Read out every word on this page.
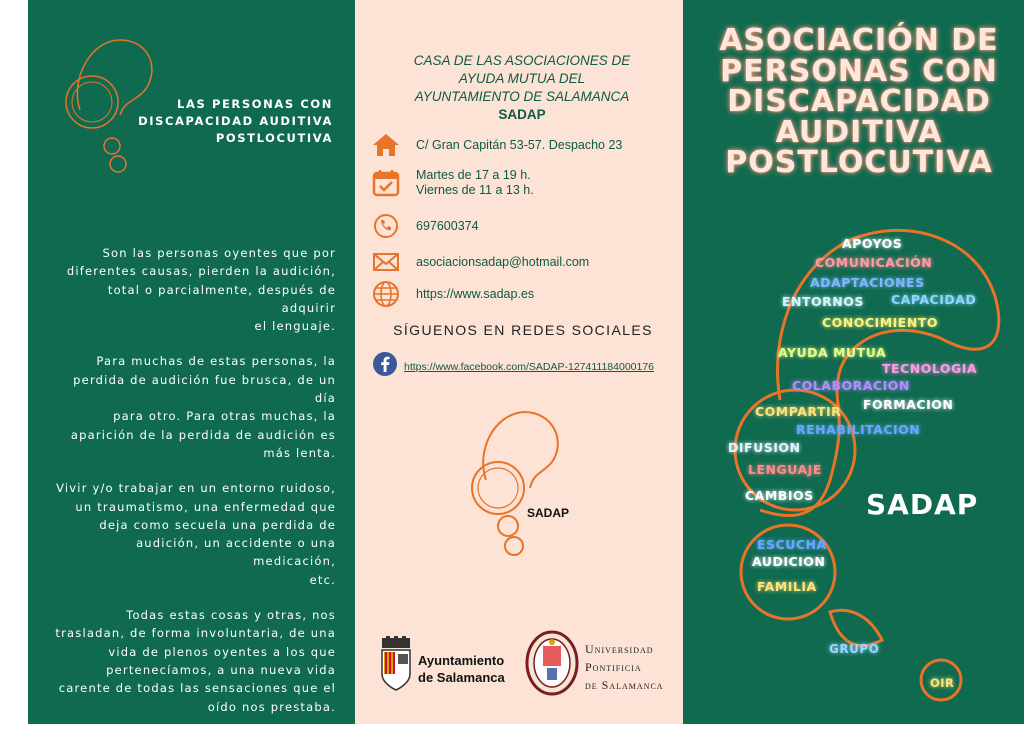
LAS PERSONAS CON
DISCAPACIDAD AUDITIVA
POSTLOCUTIVA

Son las personas oyentes que por
diferentes causas, pierden la audición,
total o parcialmente, después de adquirir
el lenguaje.

Para muchas de estas personas, la
perdida de audición fue brusca, de un día
para otro. Para otras muchas, la
aparición de la perdida de audición es
más lenta.

Vivir y/o trabajar en un entorno ruidoso,
un traumatismo, una enfermedad que
deja como secuela una perdida de
audición, un accidente o una medicación,
etc.

Todas estas cosas y otras, nos
trasladan, de forma involuntaria, de una
vida de plenos oyentes a los que
pertenecíamos, a una nueva vida
carente de todas las sensaciones que el
oído nos prestaba.

CASA DE LAS ASOCIACIONES DE
AYUDA MUTUA DEL
AYUNTAMIENTO DE SALAMANCA
SADAP
C/ Gran Capitán 53-57. Despacho 23
Martes de 17 a 19 h.
Viernes de 11 a 13 h.
697600374
asociacionsadap@hotmail.com
https://www.sadap.es
SÍGUENOS EN REDES SOCIALES
https://www.facebook.com/SADAP-127411184000176
SADAP
Ayuntamiento
de Salamanca
Universidad
Pontificia
de Salamanca
ASOCIACIÓN DE
PERSONAS CON
DISCAPACIDAD
AUDITIVA
POSTLOCUTIVA
APOYOS
COMUNICACIÓN
ADAPTACIONES
ENTORNOS CAPACIDAD
CONOCIMIENTO
AYUDA MUTUA
TECNOLOGIA
COLABORACION
FORMACION
COMPARTIR
REHABILITACION
DIFUSION
LENGUAJE
CAMBIOS
ESCUCHA
AUDICION
FAMILIA
GRUPO
OIR
SADAP
